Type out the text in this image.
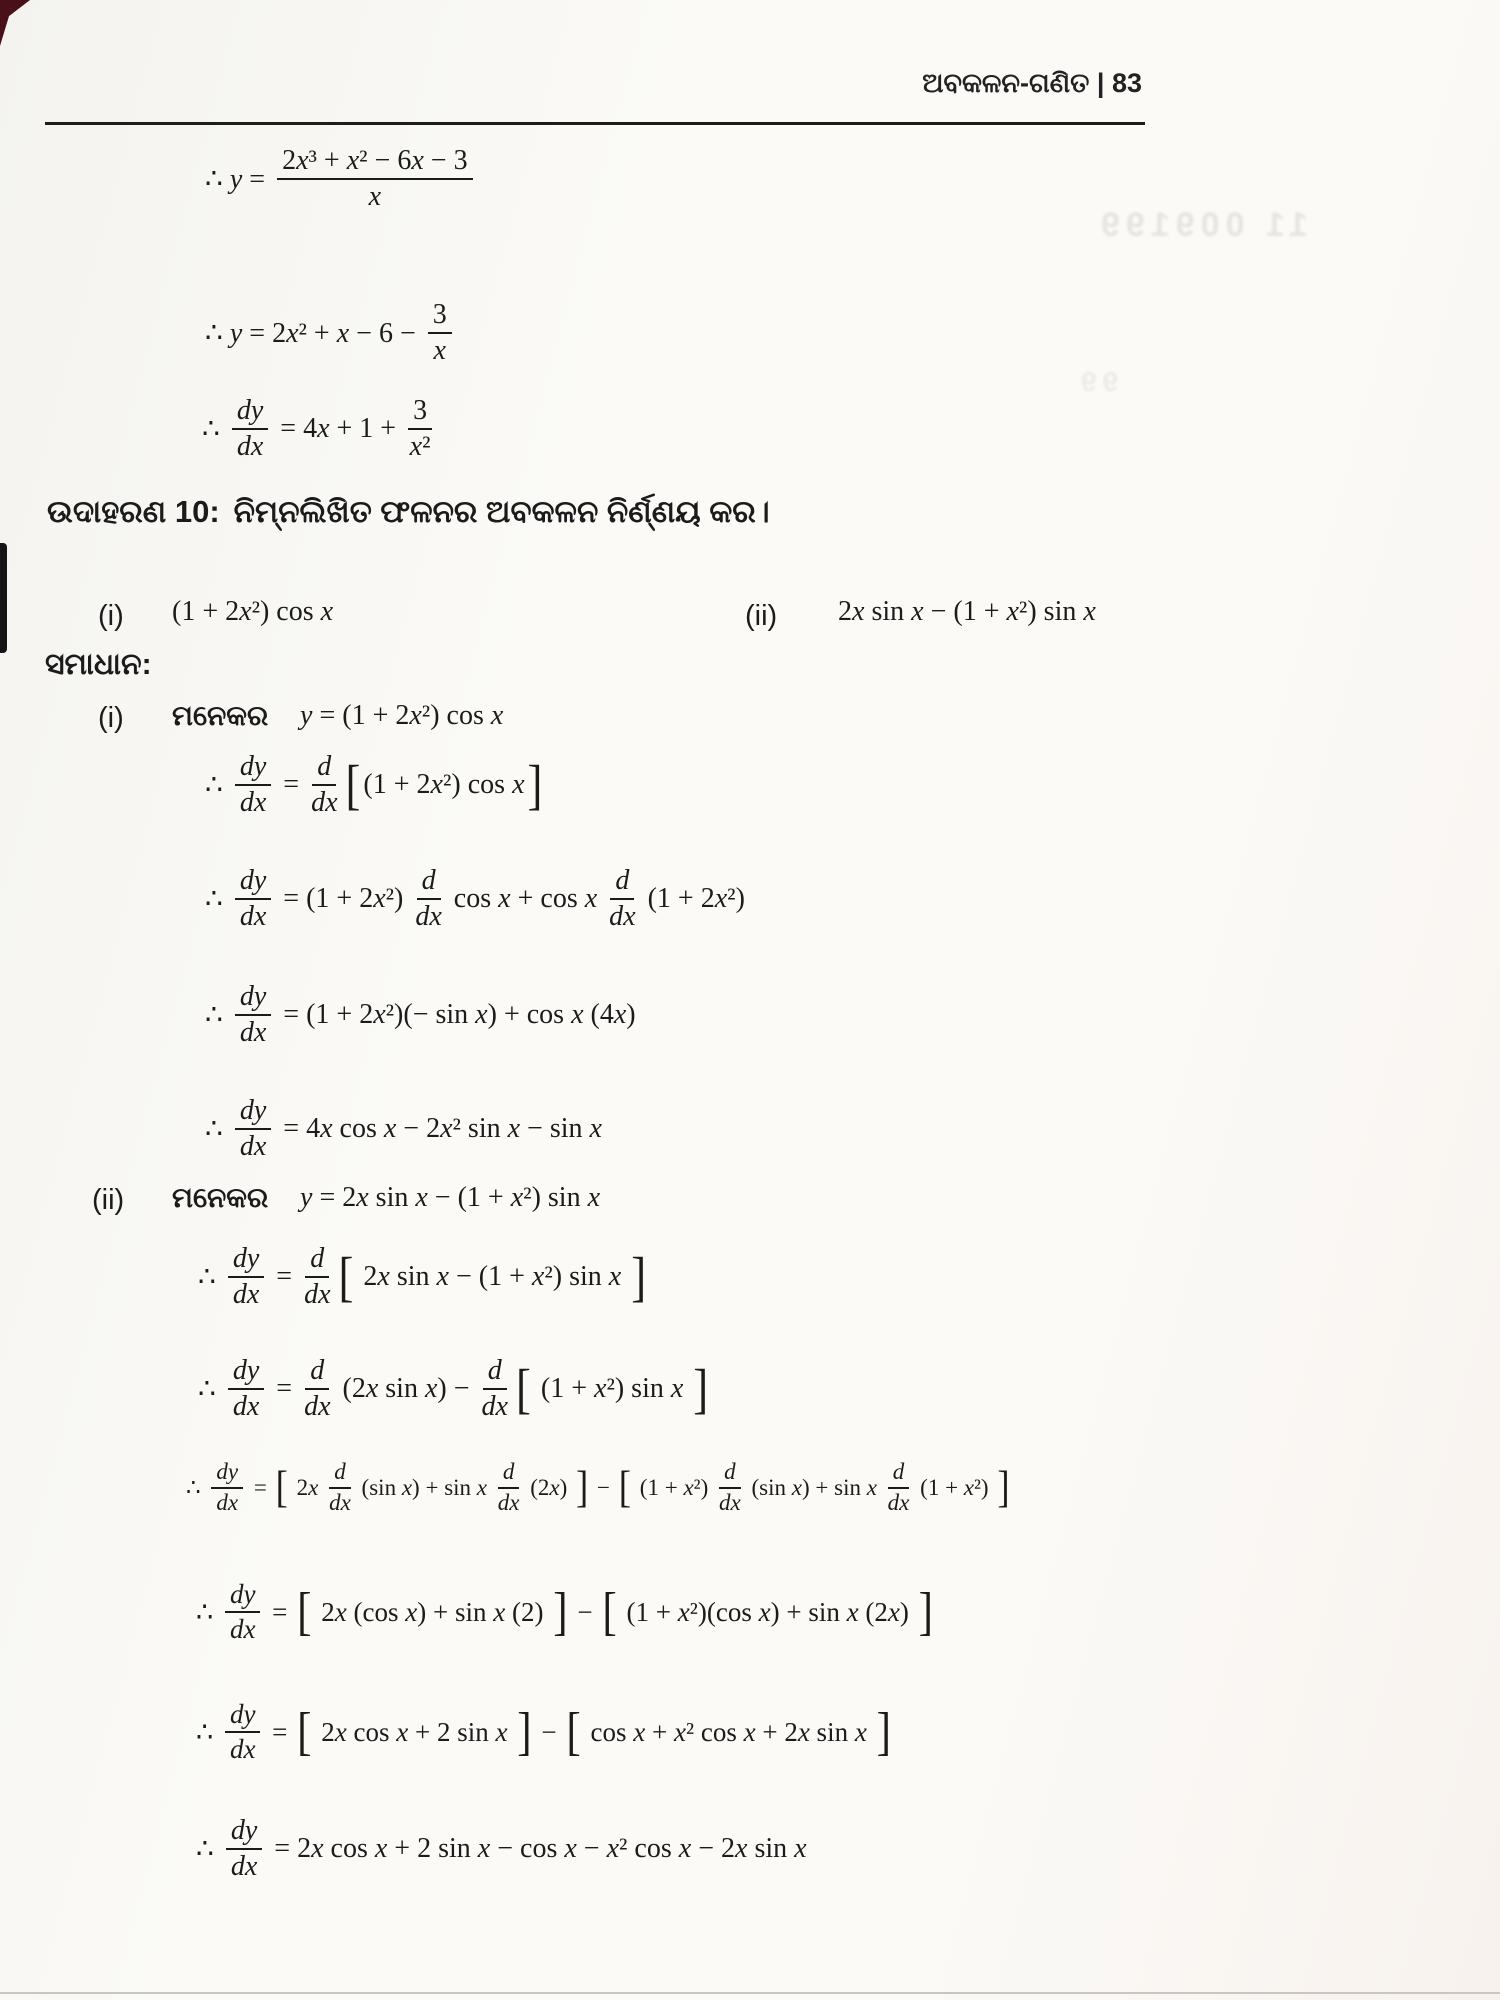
11 009199
99
ଅବକଳନ-ଗଣିତ | 83
∴ $y = \frac{\text{2x³ + x² − 6x − 3}}{x}$
∴ $y = 2x^2 + x - 6 - \frac{3}{x}$
∴ $\frac{dy}{dx} = 4x + 1 + \frac{3}{\text{x²}}$
ଉଦାହରଣ 10: ନିମ୍ନଲିଖିତ ଫଳନର ଅବକଳନ ନିର୍ଣ୍ଣୟ କର।
(i) (1 + 2x²) cos x	(ii) 2x sin x − (1 + x²) sin x
ସମାଧାନ:
(i) ମନେକର y = (1 + 2x²) cos x
∴ $\frac{dy}{dx} = \frac{d}{dx}$ [ (1 + 2x²) cos x ]
∴ $\frac{dy}{dx} = (1 + 2x^2) \frac{d}{dx}$ cos x + cos x $\frac{d}{dx} (1 + 2x^2)$
∴ $\frac{dy}{dx} = (1 + 2x^2)(- \sin x) + \cos x$ (4x)
∴ $\frac{dy}{dx} = 4x$ cos x − 2x² sin x − sin x
(ii) ମନେକର y = 2x sin x − (1 + x²) sin x
∴ $\frac{dy}{dx} = \frac{d}{dx}$ [ 2x sin x − (1 + x²) sin x ]
∴ $\frac{dy}{dx} = \frac{d}{dx} (2x$ $\sin x) - \frac{d}{dx}$ [ (1 + x²) sin x ]
∴ $\frac{dy}{dx}$ = [ $2x \frac{d}{dx} (\sin$ x) + sin x $\frac{d}{dx} (2x)$ ] − [ $(1 + x^2) \frac{d}{dx} (\sin$ x) + sin x $\frac{d}{dx} (1 + x^2)$ ]
∴ $\frac{dy}{dx}$ = [ 2x (cos x) + sin x (2) ] − [ (1 + x²)(cos x) + sin x (2x) ]
∴ $\frac{dy}{dx}$ = [ 2x cos x + 2 sin x ] − [ cos x + x² cos x + 2x sin x ]
∴ $\frac{dy}{dx} = 2x$ cos x + 2 sin x − cos x − x² cos x − 2x sin x
